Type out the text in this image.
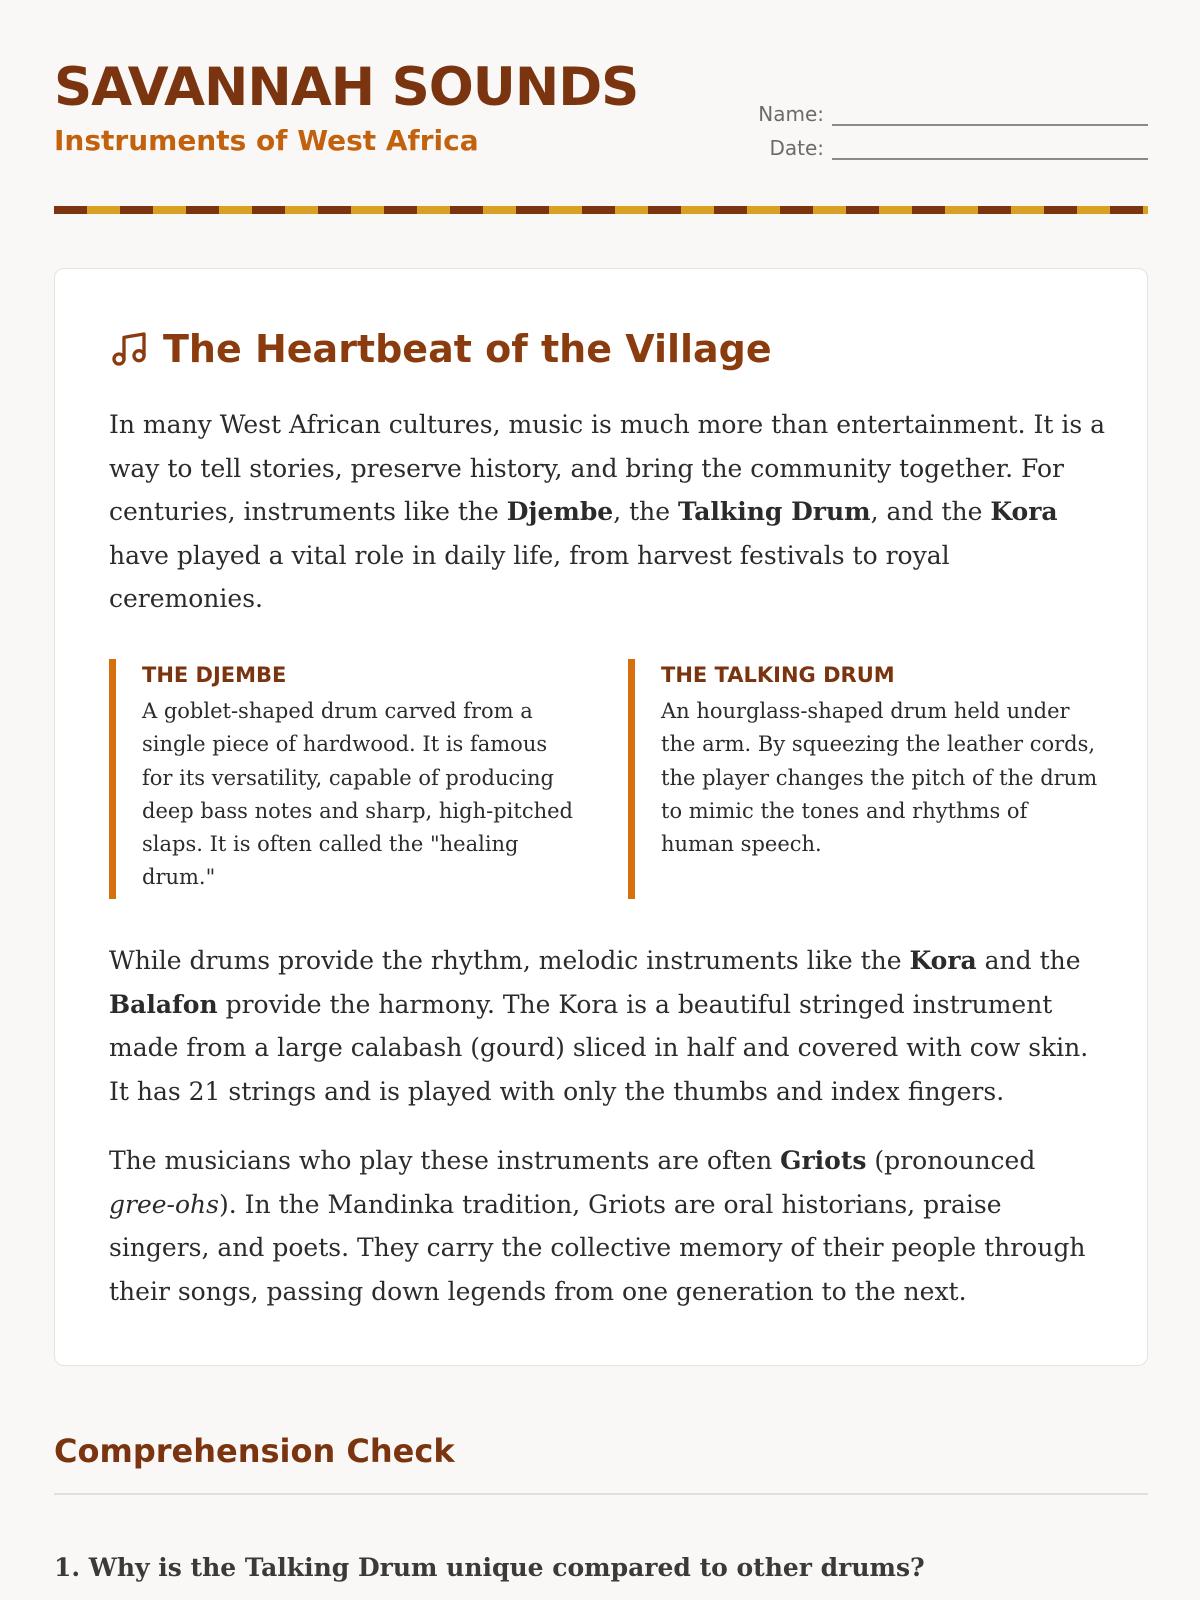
SAVANNAH SOUNDS
Instruments of West Africa
Name:
Date:
The Heartbeat of the Village

In many West African cultures, music is much more than entertainment. It is a way to tell stories, preserve history, and bring the community together. For centuries, instruments like the Djembe, the Talking Drum, and the Kora have played a vital role in daily life, from harvest festivals to royal ceremonies.

THE DJEMBE

A goblet-shaped drum carved from a single piece of hardwood. It is famous for its versatility, capable of producing deep bass notes and sharp, high-pitched slaps. It is often called the "healing drum."

THE TALKING DRUM

An hourglass-shaped drum held under the arm. By squeezing the leather cords, the player changes the pitch of the drum to mimic the tones and rhythms of human speech.

While drums provide the rhythm, melodic instruments like the Kora and the Balafon provide the harmony. The Kora is a beautiful stringed instrument made from a large calabash (gourd) sliced in half and covered with cow skin. It has 21 strings and is played with only the thumbs and index fingers.

The musicians who play these instruments are often Griots (pronounced gree-ohs). In the Mandinka tradition, Griots are oral historians, praise singers, and poets. They carry the collective memory of their people through their songs, passing down legends from one generation to the next.

Comprehension Check
1. Why is the Talking Drum unique compared to other drums?
